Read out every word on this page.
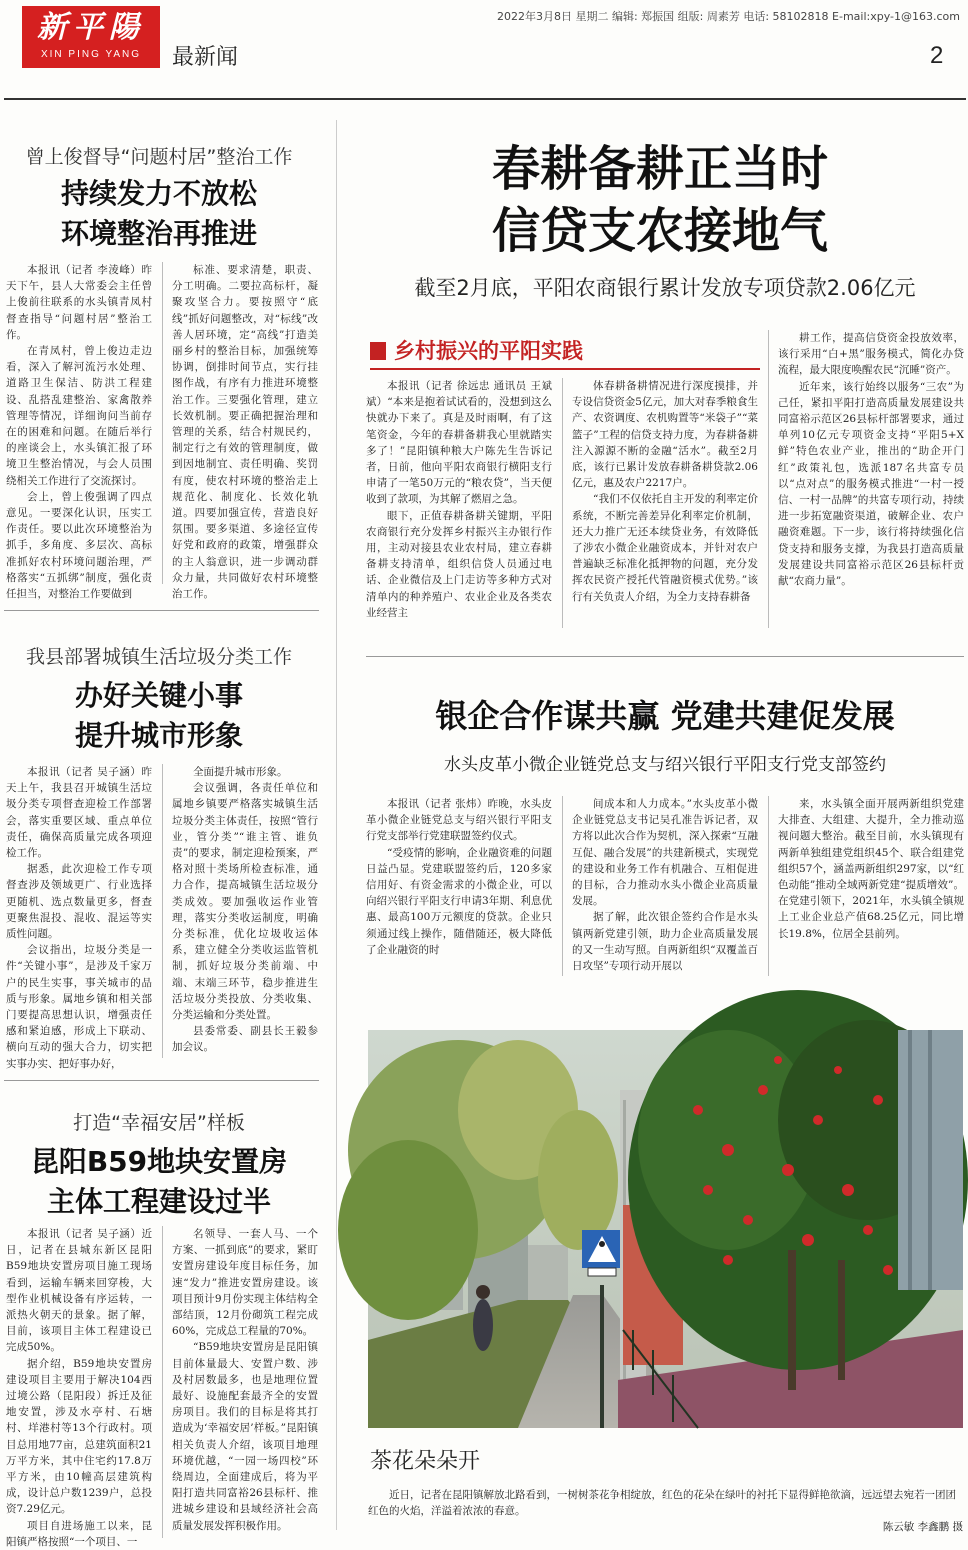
新平陽
XIN PING YANG	最新闻
2022年3月8日 星期二 编辑: 郑振国 组版: 周素芳 电话: 58102818 E-mail:xpy-1@163.com
2
曾上俊督导“问题村居”整治工作
持续发力不放松
环境整治再推进

本报讯（记者 李淩峰）昨天下午，县人大常委会主任曾上俊前往联系的水头镇青凤村督查指导“问题村居”整治工作。

在青凤村，曾上俊边走边看，深入了解河流污水处理、道路卫生保洁、防洪工程建设、乱搭乱建整治、家禽散养管理等情况，详细询问当前存在的困难和问题。在随后举行的座谈会上，水头镇汇报了环境卫生整治情况，与会人员围绕相关工作进行了交流探讨。

会上，曾上俊强调了四点意见。一要深化认识，压实工作责任。要以此次环境整治为抓手，多角度、多层次、高标准抓好农村环境问题治理，严格落实“五抓绑”制度，强化责任担当，对整治工作要做到

标准、要求清楚，职责、分工明确。二要拉高标杆，凝聚攻坚合力。要按照守“底线”抓好问题整改，对“标线”改善人居环境，定“高线”打造美丽乡村的整治目标，加强统筹协调，倒排时间节点，实行挂图作战，有序有力推进环境整治工作。三要强化管理，建立长效机制。要正确把握治理和管理的关系，结合村规民约，制定行之有效的管理制度，做到因地制宜、责任明确、奖罚有度，使农村环境的整治走上规范化、制度化、长效化轨道。四要加强宣传，营造良好氛围。要多渠道、多途径宣传好党和政府的政策，增强群众的主人翁意识，进一步调动群众力量，共同做好农村环境整治工作。

我县部署城镇生活垃圾分类工作
办好关键小事
提升城市形象

本报讯（记者 吴子涵）昨天上午，我县召开城镇生活垃圾分类专项督查迎检工作部署会，落实重要区域、重点单位责任，确保高质量完成各项迎检工作。

据悉，此次迎检工作专项督查涉及领域更广、行业选择更随机、选点数量更多，督查更聚焦混投、混收、混运等实质性问题。

会议指出，垃圾分类是一件“关键小事”，是涉及千家万户的民生实事，事关城市的品质与形象。属地乡镇和相关部门要提高思想认识，增强责任感和紧迫感，形成上下联动、横向互动的强大合力，切实把实事办实、把好事办好，

全面提升城市形象。

会议强调，各责任单位和属地乡镇要严格落实城镇生活垃圾分类主体责任，按照“管行业，管分类”“谁主管、谁负责”的要求，制定迎检预案，严格对照十类场所检查标准，通力合作，提高城镇生活垃圾分类成效。要加强收运作业管理，落实分类收运制度，明确分类标准，优化垃圾收运体系，建立健全分类收运监管机制，抓好垃圾分类前端、中端、末端三环节，稳步推进生活垃圾分类投放、分类收集、分类运输和分类处置。

县委常委、副县长王毅参加会议。

打造“幸福安居”样板
昆阳B59地块安置房
主体工程建设过半

本报讯（记者 吴子涵）近日，记者在县城东新区昆阳B59地块安置房项目施工现场看到，运输车辆来回穿梭，大型作业机械设备有序运转，一派热火朝天的景象。据了解，目前，该项目主体工程建设已完成50%。

据介绍，B59地块安置房建设项目主要用于解决104西过境公路（昆阳段）拆迁及征地安置，涉及水亭村、石塘村、垟港村等13个行政村。项目总用地77亩，总建筑面积21万平方米，其中住宅约17.8万平方米，由10幢高层建筑构成，设计总户数1239户，总投资7.29亿元。

项目自进场施工以来，昆阳镇严格按照“一个项目、一

名领导、一套人马、一个方案、一抓到底”的要求，紧盯安置房建设年度目标任务，加速“发力”推进安置房建设。该项目预计9月份实现主体结构全部结顶，12月份砌筑工程完成60%，完成总工程量的70%。

“B59地块安置房是昆阳镇目前体量最大、安置户数、涉及村居数最多，也是地理位置最好、设施配套最齐全的安置房项目。我们的目标是将其打造成为‘幸福安居’样板。”昆阳镇相关负责人介绍，该项目地理环境优越，“一园一场四校”环绕周边，全面建成后，将为平阳打造共同富裕26县标杆、推进城乡建设和县域经济社会高质量发展发挥积极作用。

春耕备耕正当时
信贷支农接地气
截至2月底，平阳农商银行累计发放专项贷款2.06亿元
乡村振兴的平阳实践

本报讯（记者 徐远忠 通讯员 王斌斌）“本来是抱着试试看的，没想到这么快就办下来了。真是及时雨啊，有了这笔资金，今年的春耕备耕我心里就踏实多了！”昆阳镇种粮大户陈先生告诉记者，日前，他向平阳农商银行横阳支行申请了一笔50万元的“粮农贷”，当天便收到了款项，为其解了燃眉之急。

眼下，正值春耕备耕关键期，平阳农商银行充分发挥乡村振兴主办银行作用，主动对接县农业农村局，建立春耕备耕支持清单，组织信贷人员通过电话、企业微信及上门走访等多种方式对清单内的种养殖户、农业企业及各类农业经营主

体春耕备耕情况进行深度摸排，并专设信贷资金5亿元，加大对春季粮食生产、农资调度、农机购置等“米袋子”“菜篮子”工程的信贷支持力度，为春耕备耕注入源源不断的金融“活水”。截至2月底，该行已累计发放春耕备耕贷款2.06亿元，惠及农户2217户。

“我们不仅依托自主开发的利率定价系统，不断完善差异化利率定价机制，还大力推广无还本续贷业务，有效降低了涉农小微企业融资成本，并针对农户普遍缺乏标准化抵押物的问题，充分发挥农民资产授托代管融资模式优势。”该行有关负责人介绍，为全力支持春耕备

耕工作，提高信贷资金投放效率，该行采用“白+黑”服务模式，简化办贷流程，最大限度唤醒农民“沉睡”资产。

近年来，该行始终以服务“三农”为己任，紧扣平阳打造高质量发展建设共同富裕示范区26县标杆部署要求，通过单列10亿元专项资金支持“平阳5+X鲜”特色农业产业，推出的“助企开门红”政策礼包，选派187名共富专员以“点对点”的服务模式推进“一村一授信、一村一品牌”的共富专项行动，持续进一步拓宽融资渠道，破解企业、农户融资难题。下一步，该行将持续强化信贷支持和服务支撑，为我县打造高质量发展建设共同富裕示范区26县标杆贡献“农商力量”。

银企合作谋共赢 党建共建促发展
水头皮革小微企业链党总支与绍兴银行平阳支行党支部签约

本报讯（记者 张炜）昨晚，水头皮革小微企业链党总支与绍兴银行平阳支行党支部举行党建联盟签约仪式。

“受疫情的影响，企业融资难的问题日益凸显。党建联盟签约后，120多家信用好、有资金需求的小微企业，可以向绍兴银行平阳支行申请3年期、利息优惠、最高100万元额度的贷款。企业只须通过线上操作，随借随还，极大降低了企业融资的时

间成本和人力成本。”水头皮革小微企业链党总支书记吴孔准告诉记者，双方将以此次合作为契机，深入探索“互融互促、融合发展”的共建新模式，实现党的建设和业务工作有机融合、互相促进的目标，合力推动水头小微企业高质量发展。

据了解，此次银企签约合作是水头镇两新党建引领，助力企业高质量发展的又一生动写照。自两新组织“双覆盖百日攻坚”专项行动开展以

来，水头镇全面开展两新组织党建大排查、大组建、大提升，全力推动巡视问题大整治。截至目前，水头镇现有两新单独组建党组织45个、联合组建党组织57个，涵盖两新组织297家，以“红色动能”推动全域两新党建“提质增效”。在党建引领下，2021年，水头镇全镇规上工业企业总产值68.25亿元，同比增长19.8%，位居全县前列。

茶花朵朵开

近日，记者在昆阳镇解放北路看到，一树树茶花争相绽放，红色的花朵在绿叶的衬托下显得鲜艳欲滴，远远望去宛若一团团红色的火焰，洋溢着浓浓的春意。

陈云敏 李鑫鹏 摄
